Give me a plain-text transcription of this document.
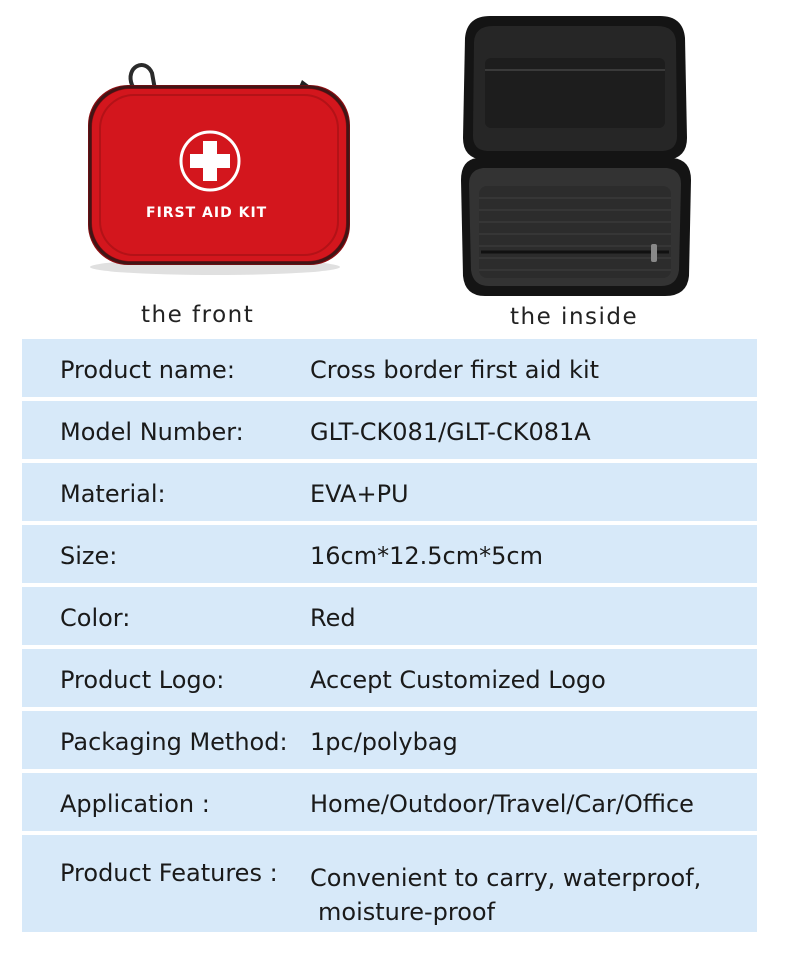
FIRST AID KIT
the front	the inside
Product name:	Cross border first aid kit
Model Number:	GLT-CK081/GLT-CK081A
Material:	EVA+PU
Size:	16cm*12.5cm*5cm
Color:	Red
Product Logo:	Accept Customized Logo
Packaging Method: 1pc/polybag
Application :	Home/Outdoor/Travel/Car/Office
Product Features : Convenient to carry, waterproof,
moisture-proof
